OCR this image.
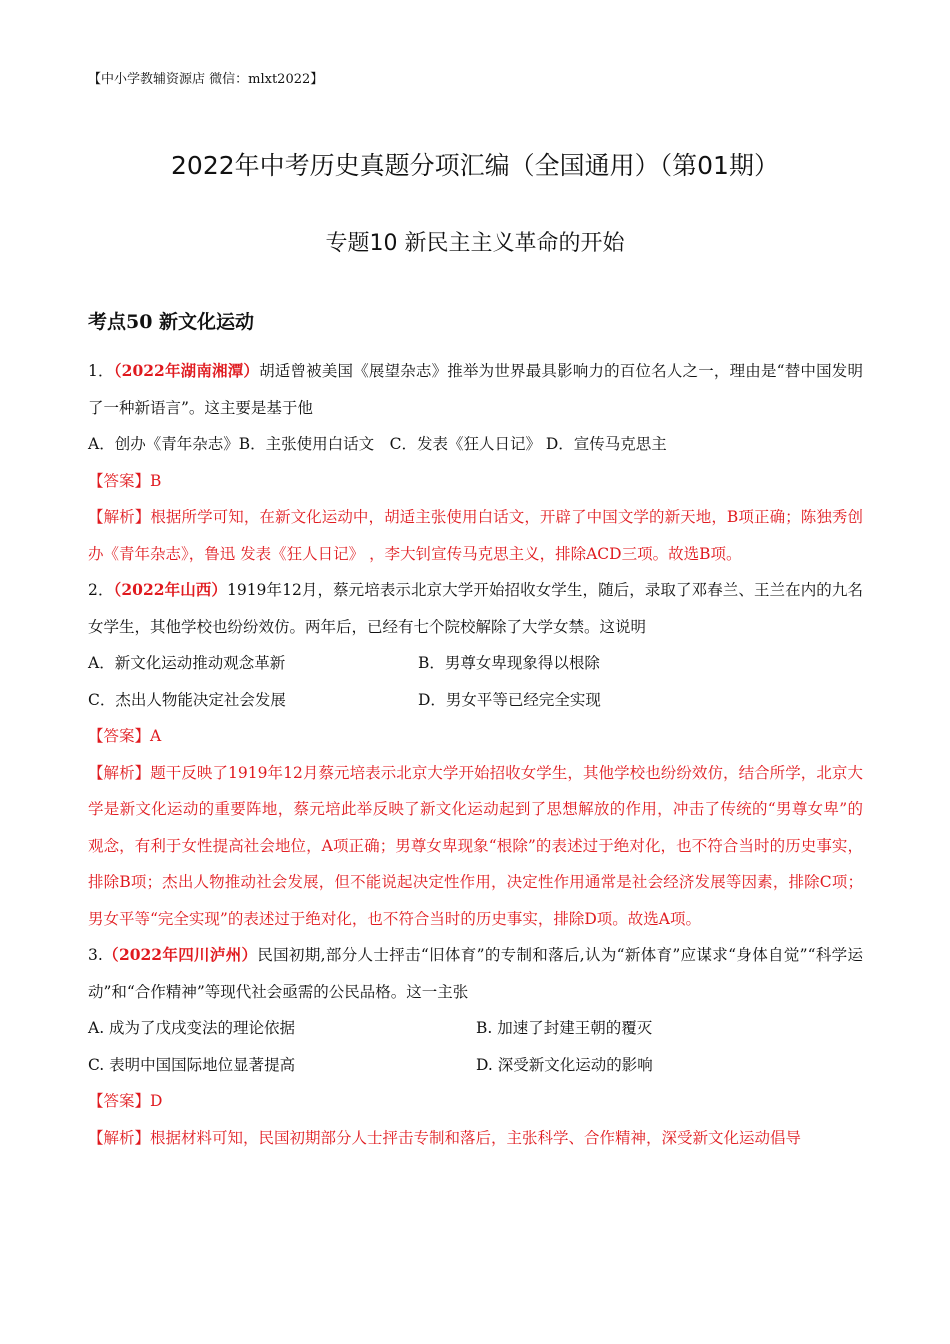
【中小学教辅资源店 微信：mlxt2022】
2022年中考历史真题分项汇编（全国通用）（第01期）
专题10 新民主主义革命的开始
考点50 新文化运动

1．（2022年湖南湘潭）胡适曾被美国《展望杂志》推举为世界最具影响力的百位名人之一，理由是“替中国发明了一种新语言”。这主要是基于他

A．创办《青年杂志》B．主张使用白话文　C．发表《狂人日记》 D．宣传马克思主

【答案】B

【解析】根据所学可知，在新文化运动中，胡适主张使用白话文，开辟了中国文学的新天地，B项正确；陈独秀创办《青年杂志》，鲁迅 发表《狂人日记》 ，李大钊宣传马克思主义，排除ACD三项。故选B项。

2．（2022年山西）1919年12月，蔡元培表示北京大学开始招收女学生，随后，录取了邓春兰、王兰在内的九名女学生，其他学校也纷纷效仿。两年后，已经有七个院校解除了大学女禁。这说明

A．新文化运动推动观念革新	B．男尊女卑现象得以根除
C．杰出人物能决定社会发展	D．男女平等已经完全实现

【答案】A

【解析】题干反映了1919年12月蔡元培表示北京大学开始招收女学生，其他学校也纷纷效仿，结合所学，北京大学是新文化运动的重要阵地，蔡元培此举反映了新文化运动起到了思想解放的作用，冲击了传统的“男尊女卑”的观念，有利于女性提高社会地位，A项正确；男尊女卑现象“根除”的表述过于绝对化，也不符合当时的历史事实，排除B项；杰出人物推动社会发展，但不能说起决定性作用，决定性作用通常是社会经济发展等因素，排除C项；男女平等“完全实现”的表述过于绝对化，也不符合当时的历史事实，排除D项。故选A项。

3.（2022年四川泸州）民国初期,部分人士抨击“旧体育”的专制和落后,认为“新体育”应谋求“身体自觉”“科学运动”和“合作精神”等现代社会亟需的公民品格。这一主张

A. 成为了戊戌变法的理论依据	B. 加速了封建王朝的覆灭
C. 表明中国国际地位显著提高	D. 深受新文化运动的影响

【答案】D

【解析】根据材料可知，民国初期部分人士抨击专制和落后，主张科学、合作精神，深受新文化运动倡导
